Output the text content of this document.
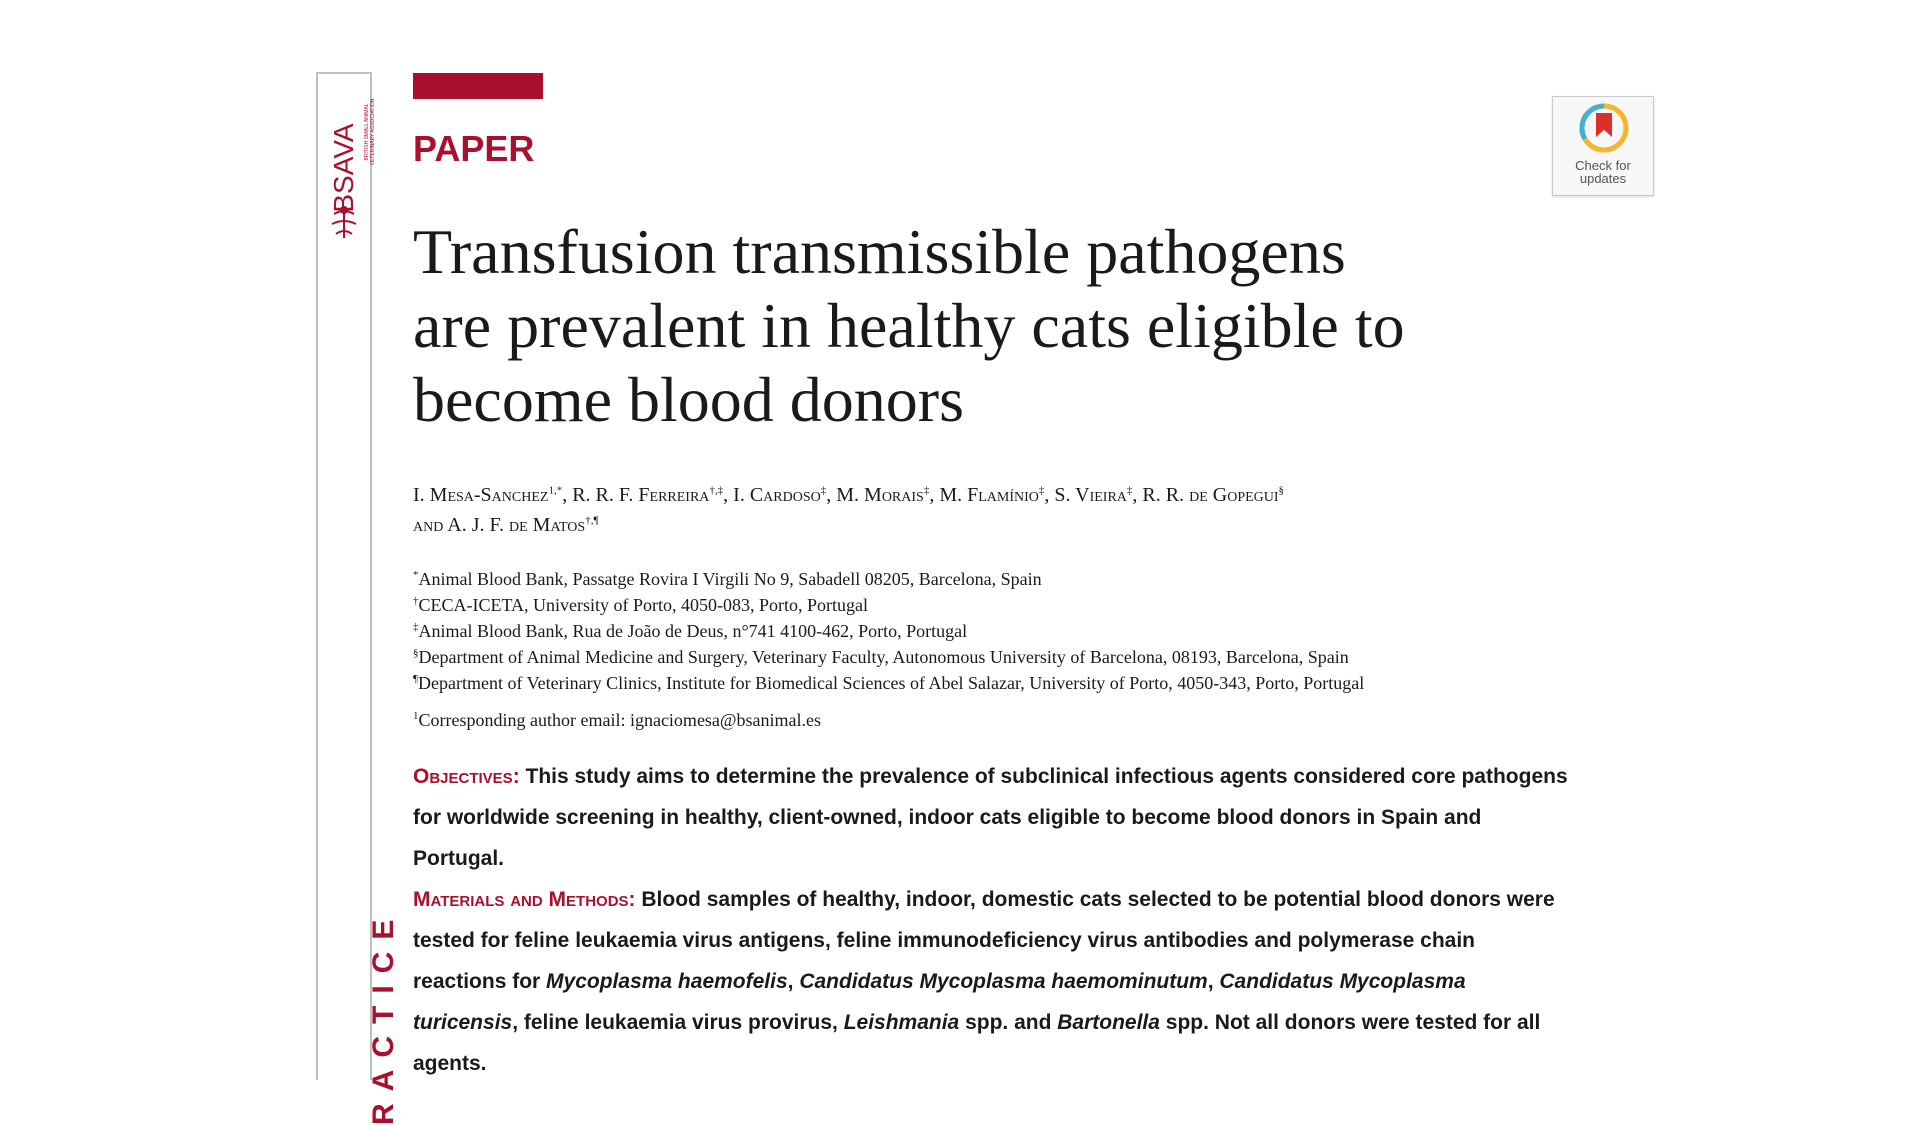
BSAVA BRITISH SMALL ANIMAL VETERINARY ASSOCIATION
RACTICE
PAPER	Check for updates
Transfusion transmissible pathogens
are prevalent in healthy cats eligible to
become blood donors
I. Mesa-Sanchez$^{1,*}$, R. R. F. Ferreira†,‡, I. Cardoso‡, M. Morais‡, M. Flamínio‡, S. Vieira‡, R. R. de Gopegui§
and A. J. F. de Matos†,¶
*Animal Blood Bank, Passatge Rovira I Virgili No 9, Sabadell 08205, Barcelona, Spain
†CECA-ICETA, University of Porto, 4050-083, Porto, Portugal
‡Animal Blood Bank, Rua de João de Deus, n°741 4100-462, Porto, Portugal
§Department of Animal Medicine and Surgery, Veterinary Faculty, Autonomous University of Barcelona, 08193, Barcelona, Spain
¶Department of Veterinary Clinics, Institute for Biomedical Sciences of Abel Salazar, University of Porto, 4050-343, Porto, Portugal
$^1$Corresponding author email: ignaciomesa@bsanimal.es

Objectives: This study aims to determine the prevalence of subclinical infectious agents considered core pathogens for worldwide screening in healthy, client-owned, indoor cats eligible to become blood donors in Spain and Portugal.

Materials and Methods: Blood samples of healthy, indoor, domestic cats selected to be potential blood donors were tested for feline leukaemia virus antigens, feline immunodeficiency virus antibodies and polymerase chain reactions for Mycoplasma haemofelis, Candidatus Mycoplasma haemominutum, Candidatus Mycoplasma turicensis, feline leukaemia virus provirus, Leishmania spp. and Bartonella spp. Not all donors were tested for all agents.
